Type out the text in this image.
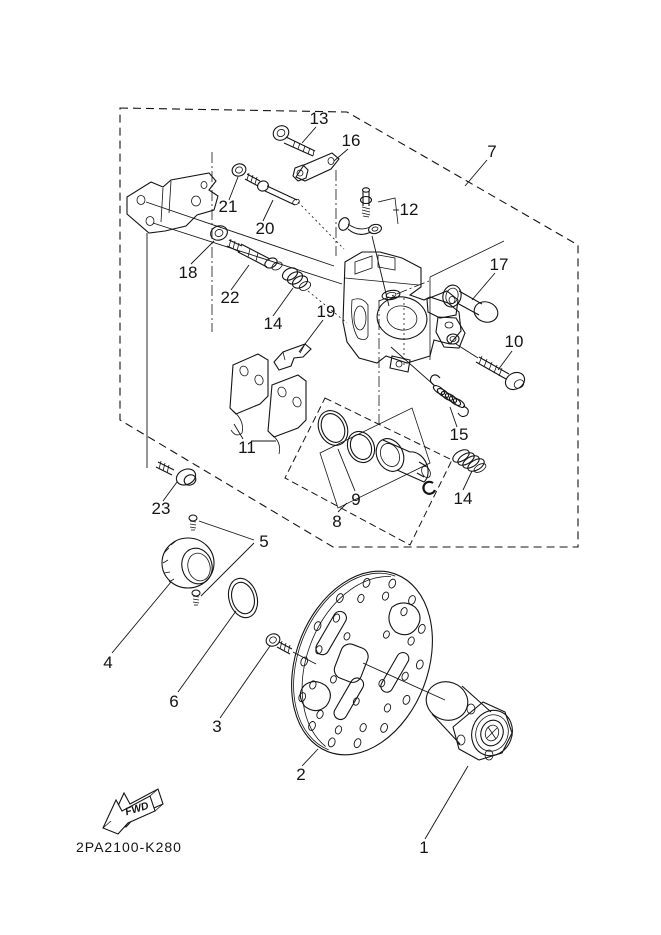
1
2
3
4
5
6
7
8
9
10
11
12
13
14
14
15
16
17
18
19
20
21
22
23
FWD
2PA2100-K280
